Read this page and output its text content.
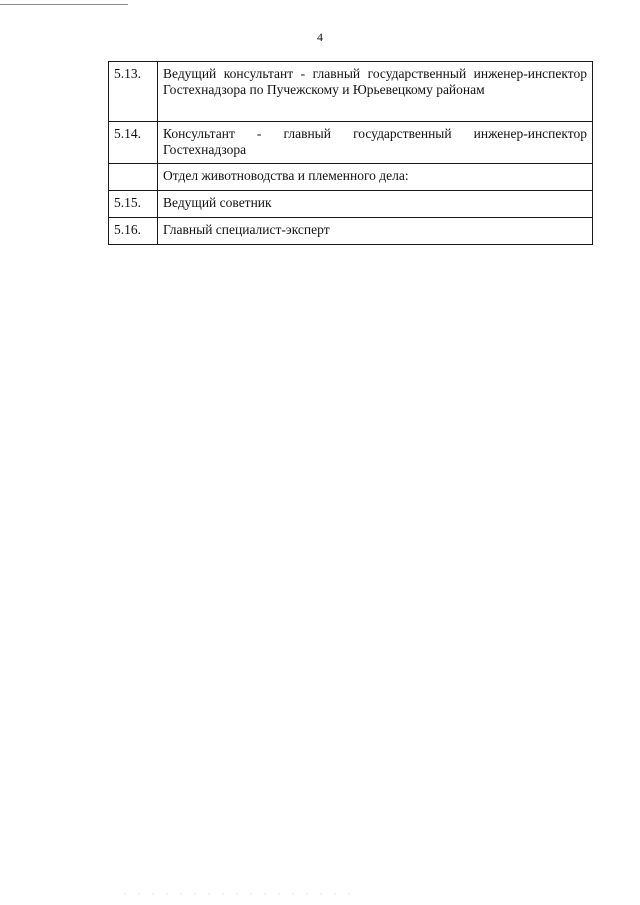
4
5.13.	Ведущий консультант - главный государственный инженер-инспектор Гостехнадзора по Пучежскому и Юрьевецкому районам
5.14.	Консультант - главный государственный инженер-инспектор Гостехнадзора
	Отдел животноводства и племенного дела:
5.15.	Ведущий советник
5.16.	Главный специалист-эксперт
